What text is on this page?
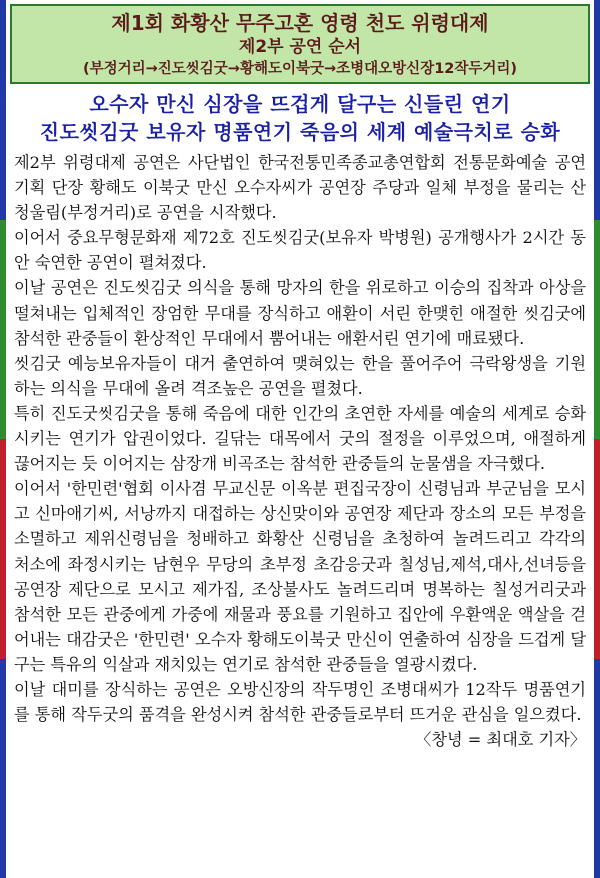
제1회 화황산 무주고혼 영령 천도 위령대제
제2부 공연 순서
(부정거리→진도씻김굿→황해도이북굿→조병대오방신장12작두거리)
오수자 만신 심장을 뜨겁게 달구는 신들린 연기
진도씻김굿 보유자 명품연기 죽음의 세계 예술극치로 승화

제2부 위령대제 공연은 사단법인 한국전통민족종교총연합회 전통문화예술 공연기획 단장 황해도 이북굿 만신 오수자씨가 공연장 주당과 일체 부정을 물리는 산청울림(부정거리)로 공연을 시작했다.

이어서 중요무형문화재 제72호 진도씻김굿(보유자 박병원) 공개행사가 2시간 동안 숙연한 공연이 펼쳐졌다.

이날 공연은 진도씻김굿 의식을 통해 망자의 한을 위로하고 이승의 집착과 아상을 떨쳐내는 입체적인 장엄한 무대를 장식하고 애환이 서린 한맺힌 애절한 씻김굿에 참석한 관중들이 환상적인 무대에서 뿜어내는 애환서린 연기에 매료됐다.

씻김굿 예능보유자들이 대거 출연하여 맺혀있는 한을 풀어주어 극락왕생을 기원하는 의식을 무대에 올려 격조높은 공연을 펼쳤다.

특히 진도굿씻김굿을 통해 죽음에 대한 인간의 초연한 자세를 예술의 세계로 승화시키는 연기가 압권이었다. 길닦는 대목에서 굿의 절정을 이루었으며, 애절하게 끊어지는 듯 이어지는 삼장개 비곡조는 참석한 관중들의 눈물샘을 자극했다.

이어서 '한민련'협회 이사겸 무교신문 이옥분 편집국장이 신령님과 부군님을 모시고 신마애기씨, 서낭까지 대접하는 상신맞이와 공연장 제단과 장소의 모든 부정을 소멸하고 제위신령님을 청배하고 화황산 신령님을 초청하여 놀려드리고 각각의 처소에 좌정시키는 남현우 무당의 초부정 초감응굿과 칠성님,제석,대사,선녀등을 공연장 제단으로 모시고 제가집, 조상불사도 놀려드리며 명복하는 칠성거리굿과 참석한 모든 관중에게 가중에 재물과 풍요를 기원하고 집안에 우환액운 액살을 걷어내는 대감굿은 '한민련' 오수자 황해도이북굿 만신이 연출하여 심장을 드겁게 달구는 특유의 익살과 재치있는 연기로 참석한 관중들을 열광시켰다.

이날 대미를 장식하는 공연은 오방신장의 작두명인 조병대씨가 12작두 명품연기를 통해 작두굿의 품격을 완성시켜 참석한 관중들로부터 뜨거운 관심을 일으켰다.
〈창녕 = 최대호 기자〉
